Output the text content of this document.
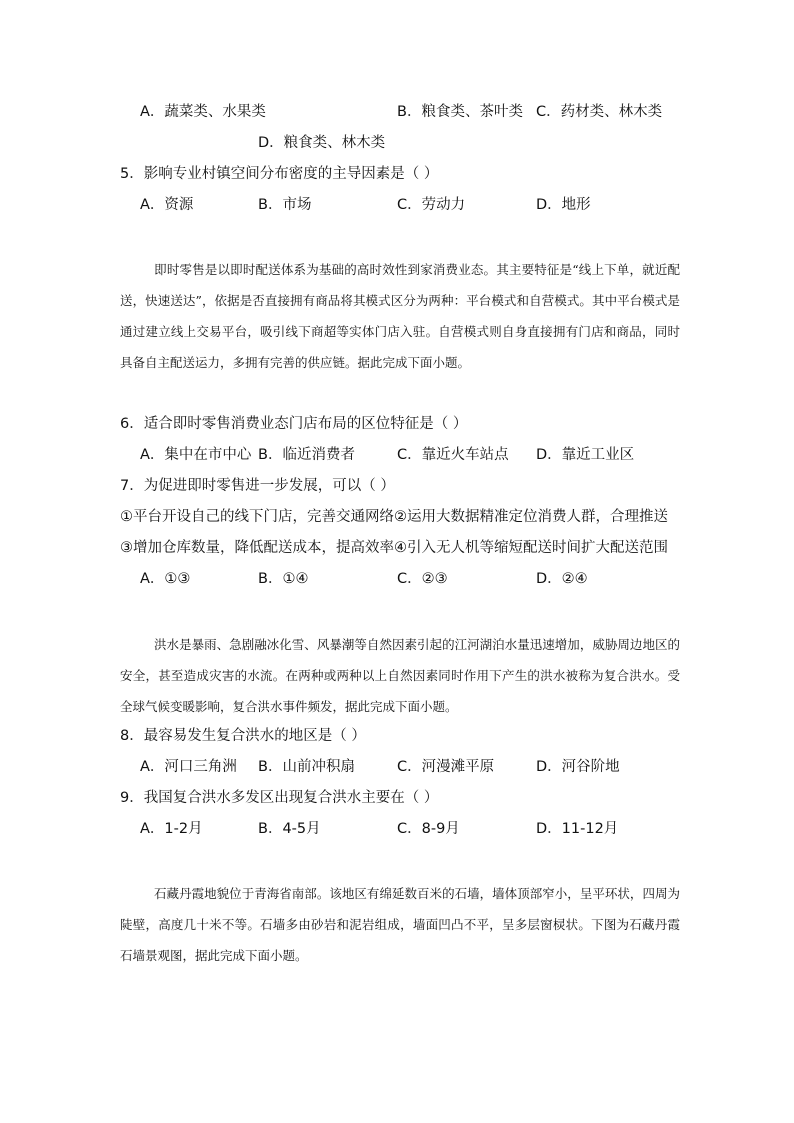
A．蔬菜类、水果类	B．粮食类、茶叶类 C．药材类、林木类
D．粮食类、林木类
5．影响专业村镇空间分布密度的主导因素是（ ）
A．资源	B．市场	C．劳动力	D．地形
即时零售是以即时配送体系为基础的高时效性到家消费业态。其主要特征是“线上下单，就近配送，快速送达”，依据是否直接拥有商品将其模式区分为两种：平台模式和自营模式。其中平台模式是通过建立线上交易平台，吸引线下商超等实体门店入驻。自营模式则自身直接拥有门店和商品，同时具备自主配送运力，多拥有完善的供应链。据此完成下面小题。
6．适合即时零售消费业态门店布局的区位特征是（ ）
A．集中在市中心 B．临近消费者	C．靠近火车站点 D．靠近工业区
7．为促进即时零售进一步发展，可以（ ）
①平台开设自己的线下门店，完善交通网络②运用大数据精准定位消费人群，合理推送
③增加仓库数量，降低配送成本，提高效率④引入无人机等缩短配送时间扩大配送范围
A．①③	B．①④	C．②③	D．②④
洪水是暴雨、急剧融冰化雪、风暴潮等自然因素引起的江河湖泊水量迅速增加，威胁周边地区的安全，甚至造成灾害的水流。在两种或两种以上自然因素同时作用下产生的洪水被称为复合洪水。受全球气候变暖影响，复合洪水事件频发，据此完成下面小题。
8．最容易发生复合洪水的地区是（ ）
A．河口三角洲 B．山前冲积扇	C．河漫滩平原	D．河谷阶地
9．我国复合洪水多发区出现复合洪水主要在（ ）
A．1-2月	B．4-5月	C．8-9月	D．11-12月
石藏丹霞地貌位于青海省南部。该地区有绵延数百米的石墙，墙体顶部窄小，呈平环状，四周为陡壁，高度几十米不等。石墙多由砂岩和泥岩组成，墙面凹凸不平，呈多层窗棂状。下图为石藏丹霞石墙景观图，据此完成下面小题。
